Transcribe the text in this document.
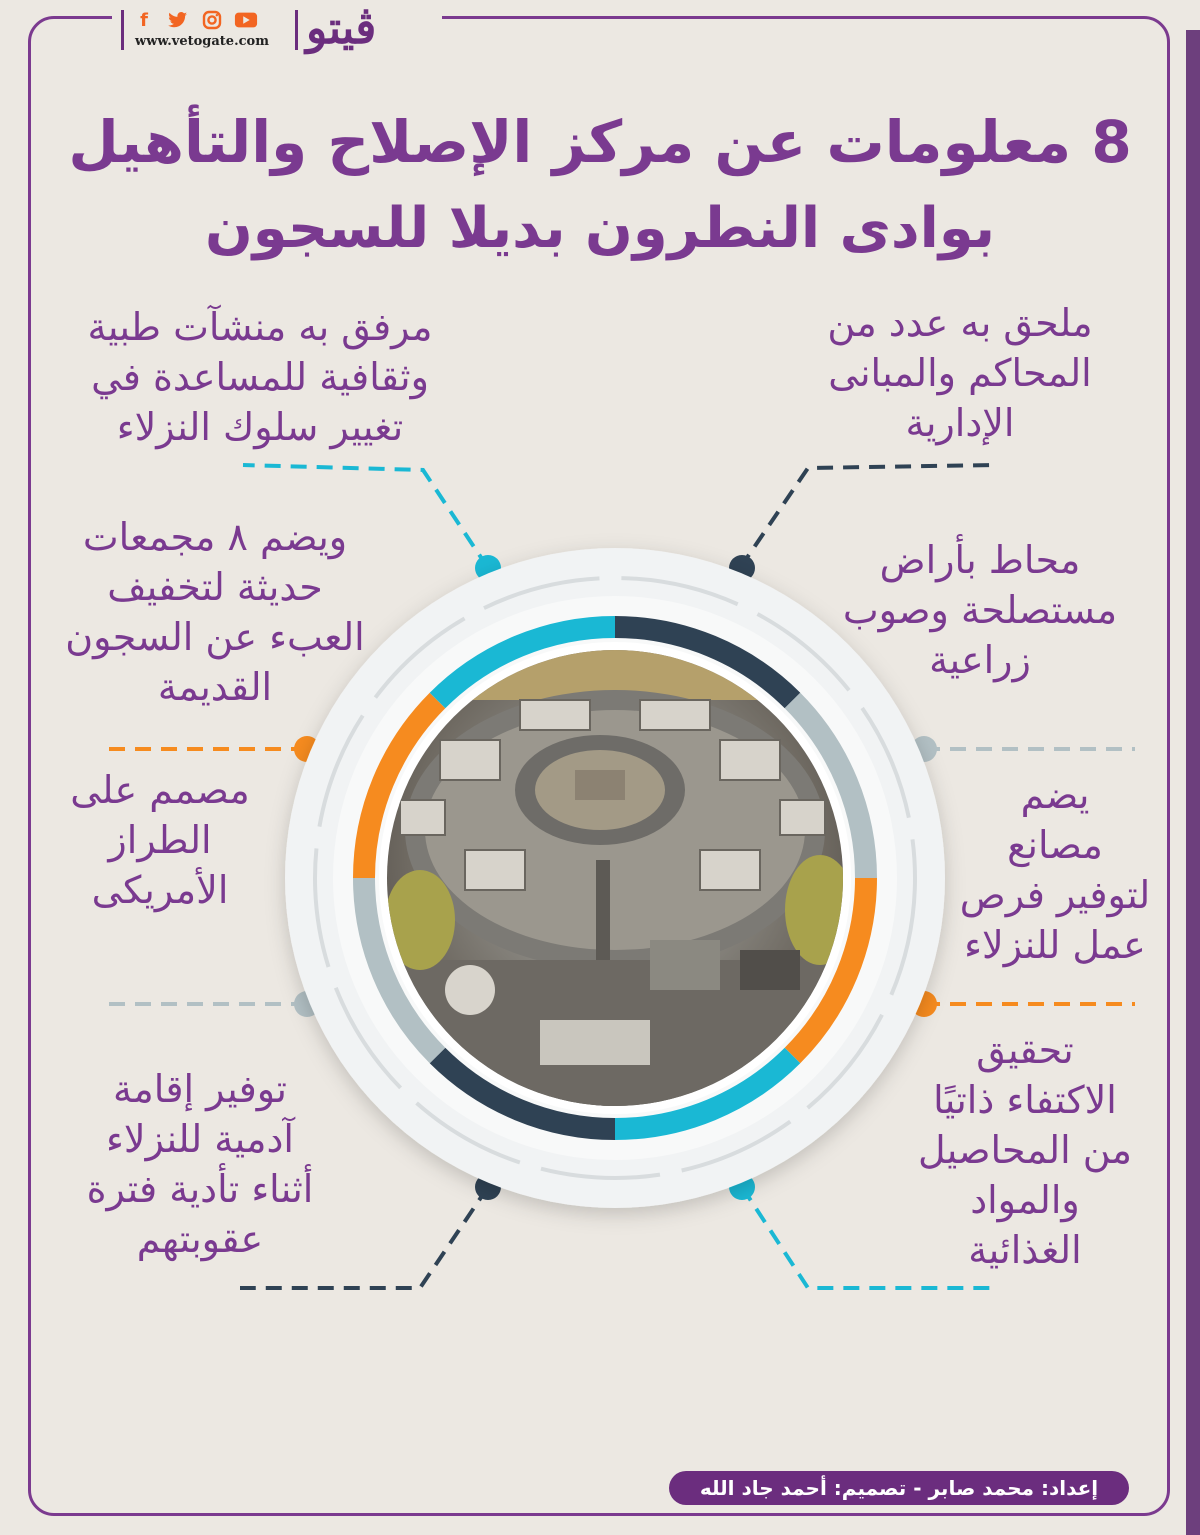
f
www.vetogate.com ڤيتو
8 معلومات عن مركز الإصلاح والتأهيل
بوادى النطرون بديلا للسجون
ملحق به عدد من
المحاكم والمبانى
الإدارية
محاط بأراض
مستصلحة وصوب
زراعية
يضم
مصانع
لتوفير فرص
عمل للنزلاء
تحقيق
الاكتفاء ذاتيًا
من المحاصيل
والمواد
الغذائية
مرفق به منشآت طبية
وثقافية للمساعدة في
تغيير سلوك النزلاء
ويضم ٨ مجمعات
حديثة لتخفيف
العبء عن السجون
القديمة
مصمم على
الطراز
الأمريكى
توفير إقامة
آدمية للنزلاء
أثناء تأدية فترة
عقوبتهم
إعداد: محمد صابر - تصميم: أحمد جاد الله
